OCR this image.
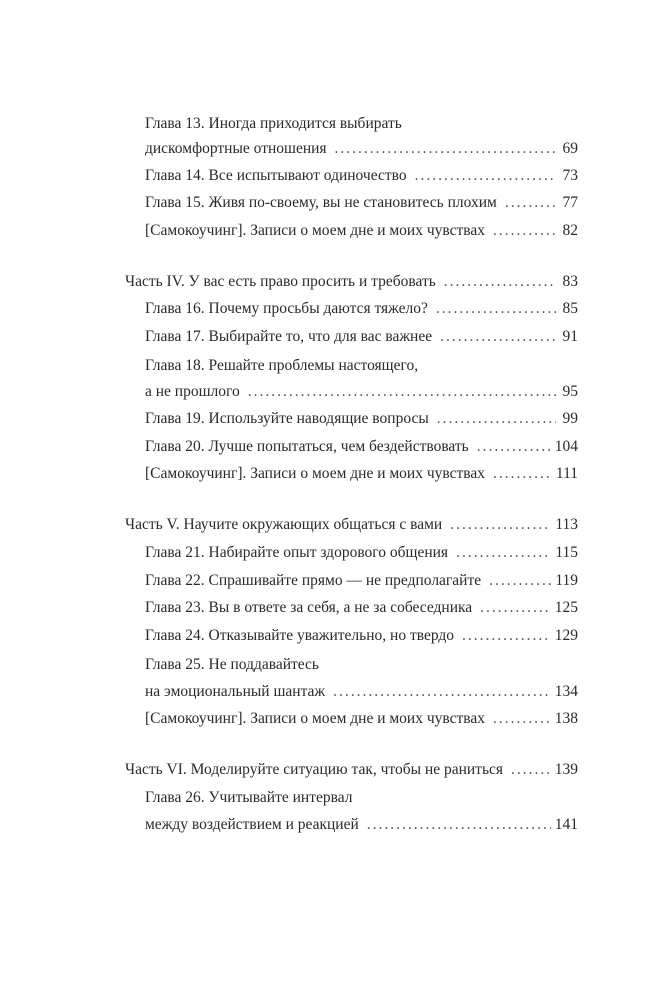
Глава 13. Иногда приходится выбирать
дискомфортные отношения .....	69
Глава 14. Все испытывают одиночество .....	73
Глава 15. Живя по-своему, вы не становитесь плохим .....	77
[Самокоучинг]. Записи о моем дне и моих чувствах .....	82
Часть IV. У вас есть право просить и требовать .....	83
Глава 16. Почему просьбы даются тяжело? .....	85
Глава 17. Выбирайте то, что для вас важнее .....	91
Глава 18. Решайте проблемы настоящего,
а не прошлого .....	95
Глава 19. Используйте наводящие вопросы .....	99
Глава 20. Лучше попытаться, чем бездействовать .....	104
[Самокоучинг]. Записи о моем дне и моих чувствах .....	111
Часть V. Научите окружающих общаться с вами .....	113
Глава 21. Набирайте опыт здорового общения .....	115
Глава 22. Спрашивайте прямо — не предполагайте .....	119
Глава 23. Вы в ответе за себя, а не за собеседника .....	125
Глава 24. Отказывайте уважительно, но твердо .....	129
Глава 25. Не поддавайтесь
на эмоциональный шантаж .....	134
[Самокоучинг]. Записи о моем дне и моих чувствах .....	138
Часть VI. Моделируйте ситуацию так, чтобы не раниться .....	139
Глава 26. Учитывайте интервал
между воздействием и реакцией .....	141
